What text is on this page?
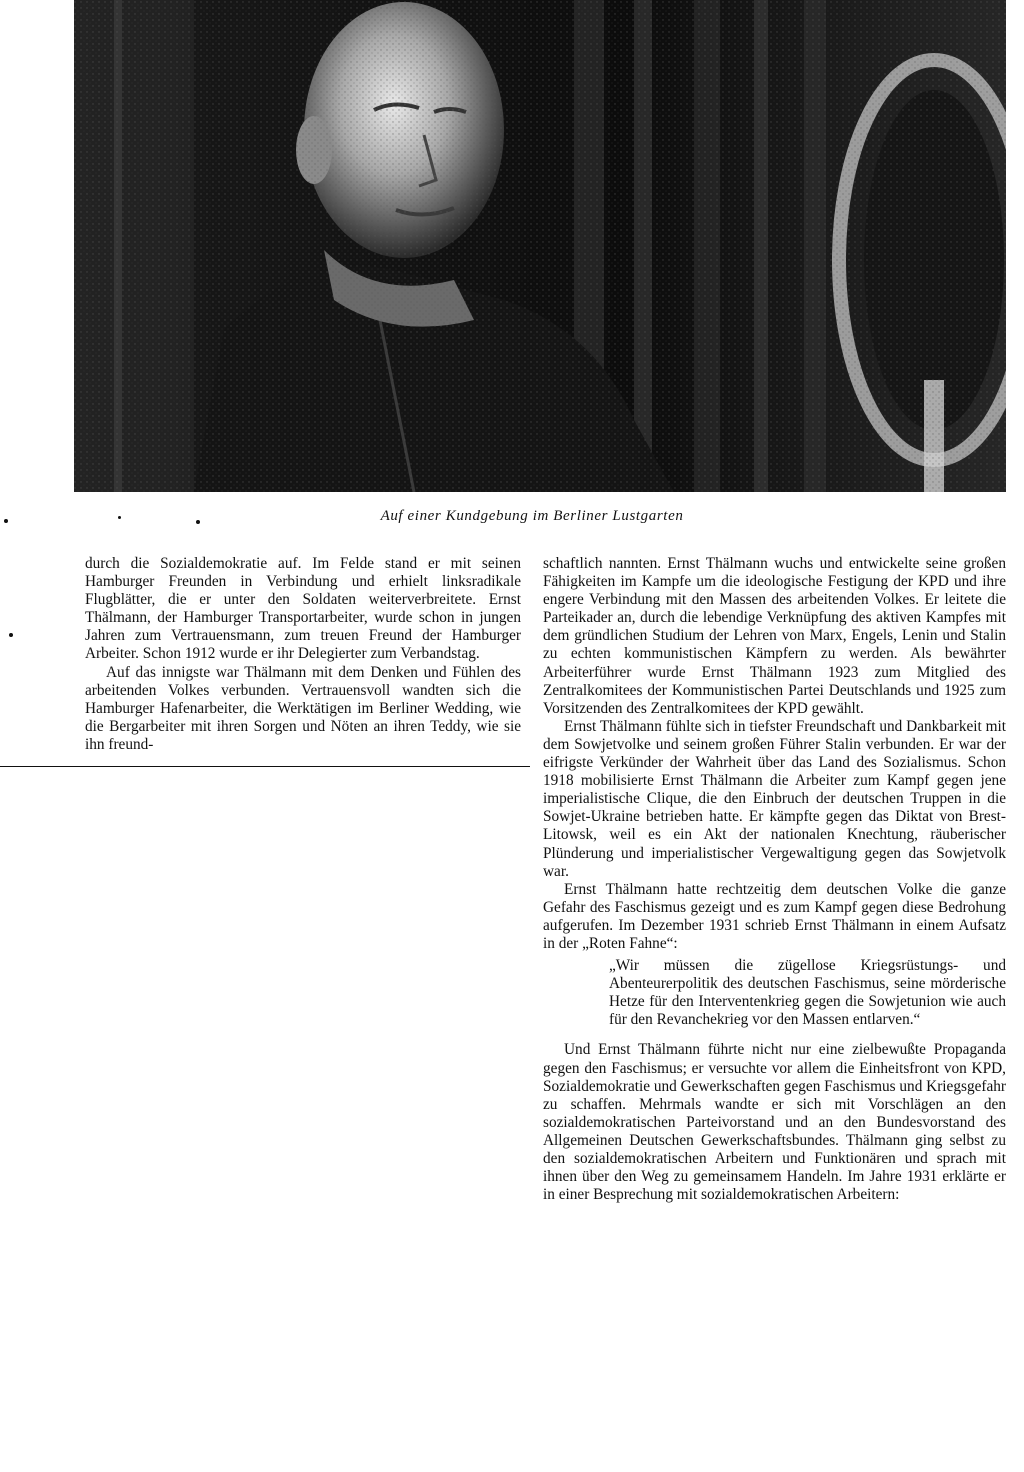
Auf einer Kundgebung im Berliner Lustgarten

durch die Sozialdemokratie auf. Im Felde stand er mit seinen Hamburger Freunden in Verbindung und erhielt linksradikale Flugblätter, die er unter den Soldaten weiterverbreitete. Ernst Thälmann, der Hamburger Transportarbeiter, wurde schon in jungen Jahren zum Vertrauensmann, zum treuen Freund der Hamburger Arbeiter. Schon 1912 wurde er ihr Delegierter zum Verbandstag.

Auf das innigste war Thälmann mit dem Denken und Fühlen des arbeitenden Volkes verbunden. Vertrauensvoll wandten sich die Hamburger Hafenarbeiter, die Werktätigen im Berliner Wedding, wie die Bergarbeiter mit ihren Sorgen und Nöten an ihren Teddy, wie sie ihn freund-

schaftlich nannten. Ernst Thälmann wuchs und entwickelte seine großen Fähigkeiten im Kampfe um die ideologische Festigung der KPD und ihre engere Verbindung mit den Massen des arbeitenden Volkes. Er leitete die Parteikader an, durch die lebendige Verknüpfung des aktiven Kampfes mit dem gründlichen Studium der Lehren von Marx, Engels, Lenin und Stalin zu echten kommunistischen Kämpfern zu werden. Als bewährter Arbeiterführer wurde Ernst Thälmann 1923 zum Mitglied des Zentralkomitees der Kommunistischen Partei Deutschlands und 1925 zum Vorsitzenden des Zentralkomitees der KPD gewählt.

Ernst Thälmann fühlte sich in tiefster Freundschaft und Dankbarkeit mit dem Sowjetvolke und seinem großen Führer Stalin verbunden. Er war der eifrigste Verkünder der Wahrheit über das Land des Sozialismus. Schon 1918 mobilisierte Ernst Thälmann die Arbeiter zum Kampf gegen jene imperialistische Clique, die den Einbruch der deutschen Truppen in die Sowjet-Ukraine betrieben hatte. Er kämpfte gegen das Diktat von Brest-Litowsk, weil es ein Akt der nationalen Knechtung, räuberischer Plünderung und imperialistischer Vergewaltigung gegen das Sowjetvolk war.

Ernst Thälmann hatte rechtzeitig dem deutschen Volke die ganze Gefahr des Faschismus gezeigt und es zum Kampf gegen diese Bedrohung aufgerufen. Im Dezember 1931 schrieb Ernst Thälmann in einem Aufsatz in der „Roten Fahne“:

„Wir müssen die zügellose Kriegsrüstungs- und Abenteurerpolitik des deutschen Faschismus, seine mörderische Hetze für den Interventenkrieg gegen die Sowjetunion wie auch für den Revanchekrieg vor den Massen entlarven.“

Und Ernst Thälmann führte nicht nur eine zielbewußte Propaganda gegen den Faschismus; er versuchte vor allem die Einheitsfront von KPD, Sozialdemokratie und Gewerkschaften gegen Faschismus und Kriegsgefahr zu schaffen. Mehrmals wandte er sich mit Vorschlägen an den sozialdemokratischen Parteivorstand und an den Bundesvorstand des Allgemeinen Deutschen Gewerkschaftsbundes. Thälmann ging selbst zu den sozialdemokratischen Arbeitern und Funktionären und sprach mit ihnen über den Weg zu gemeinsamem Handeln. Im Jahre 1931 erklärte er in einer Besprechung mit sozialdemokratischen Arbeitern:
